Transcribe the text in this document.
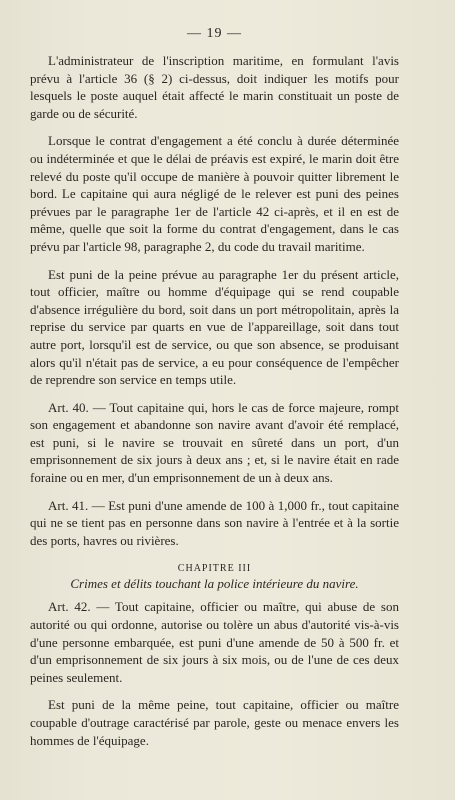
— 19 —

L'administrateur de l'inscription maritime, en formulant l'avis prévu à l'article 36 (§ 2) ci-dessus, doit indiquer les motifs pour lesquels le poste auquel était affecté le marin constituait un poste de garde ou de sécurité.

Lorsque le contrat d'engagement a été conclu à durée déterminée ou indéterminée et que le délai de préavis est expiré, le marin doit être relevé du poste qu'il occupe de manière à pouvoir quitter librement le bord. Le capitaine qui aura négligé de le relever est puni des peines prévues par le paragraphe 1er de l'article 42 ci-après, et il en est de même, quelle que soit la forme du contrat d'engagement, dans le cas prévu par l'article 98, paragraphe 2, du code du travail maritime.

Est puni de la peine prévue au paragraphe 1er du présent article, tout officier, maître ou homme d'équipage qui se rend coupable d'absence irrégulière du bord, soit dans un port métropolitain, après la reprise du service par quarts en vue de l'appareillage, soit dans tout autre port, lorsqu'il est de service, ou que son absence, se produisant alors qu'il n'était pas de service, a eu pour conséquence de l'empêcher de reprendre son service en temps utile.

Art. 40. — Tout capitaine qui, hors le cas de force majeure, rompt son engagement et abandonne son navire avant d'avoir été remplacé, est puni, si le navire se trouvait en sûreté dans un port, d'un emprisonnement de six jours à deux ans ; et, si le navire était en rade foraine ou en mer, d'un emprisonnement de un à deux ans.

Art. 41. — Est puni d'une amende de 100 à 1,000 fr., tout capitaine qui ne se tient pas en personne dans son navire à l'entrée et à la sortie des ports, havres ou rivières.

CHAPITRE III
Crimes et délits touchant la police intérieure du navire.

Art. 42. — Tout capitaine, officier ou maître, qui abuse de son autorité ou qui ordonne, autorise ou tolère un abus d'autorité vis-à-vis d'une personne embarquée, est puni d'une amende de 50 à 500 fr. et d'un emprisonnement de six jours à six mois, ou de l'une de ces deux peines seulement.

Est puni de la même peine, tout capitaine, officier ou maître coupable d'outrage caractérisé par parole, geste ou menace envers les hommes de l'équipage.
